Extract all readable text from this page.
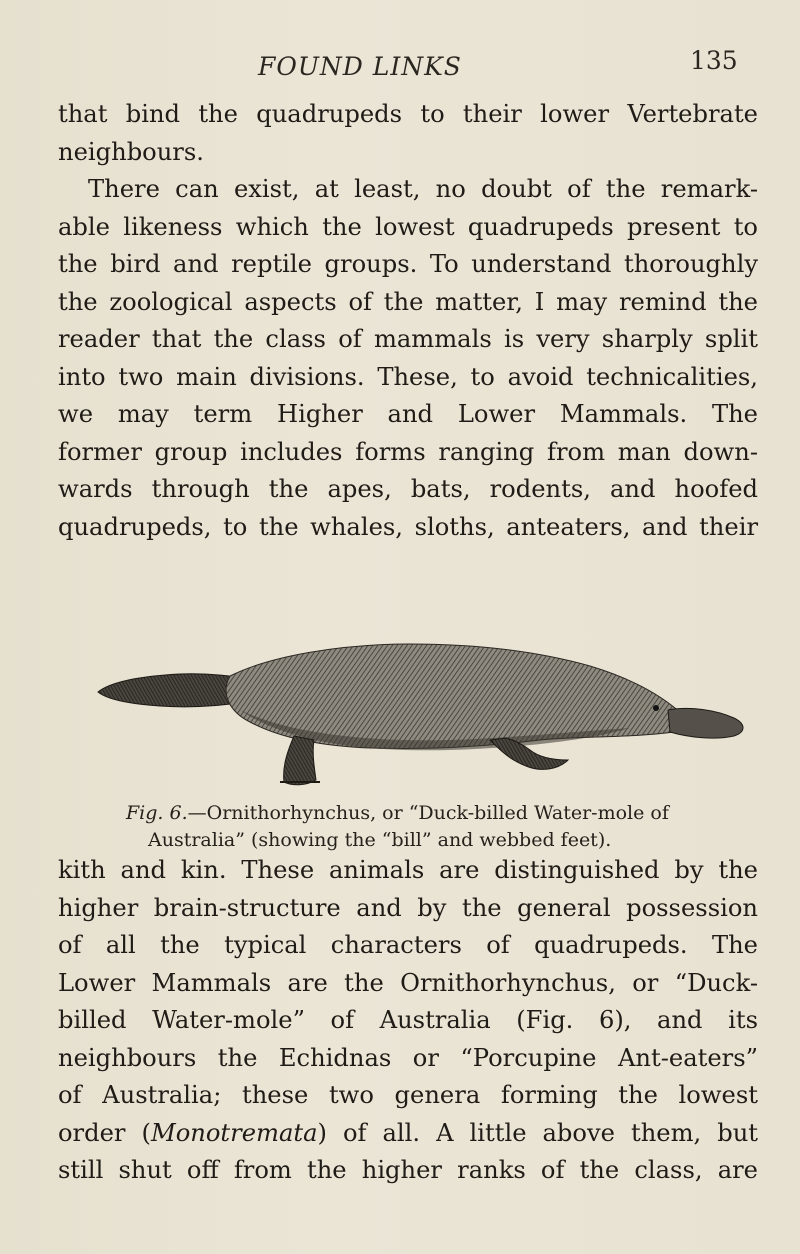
FOUND LINKS	135
that bind the quadrupeds to their lower Vertebrate
neighbours.
There can exist, at least, no doubt of the remark-
able likeness which the lowest quadrupeds present to
the bird and reptile groups. To understand thoroughly
the zoological aspects of the matter, I may remind the
reader that the class of mammals is very sharply split
into two main divisions. These, to avoid technicalities,
we may term Higher and Lower Mammals. The
former group includes forms ranging from man down-
wards through the apes, bats, rodents, and hoofed
quadrupeds, to the whales, sloths, anteaters, and their
Fig. 6.—Ornithorhynchus, or “Duck-billed Water-mole of
Australia” (showing the “bill” and webbed feet).
kith and kin. These animals are distinguished by the
higher brain-structure and by the general possession
of all the typical characters of quadrupeds. The
Lower Mammals are the Ornithorhynchus, or “Duck-
billed Water-mole” of Australia (Fig. 6), and its
neighbours the Echidnas or “Porcupine Ant-eaters”
of Australia; these two genera forming the lowest
order (Monotremata) of all. A little above them, but
still shut off from the higher ranks of the class, are
